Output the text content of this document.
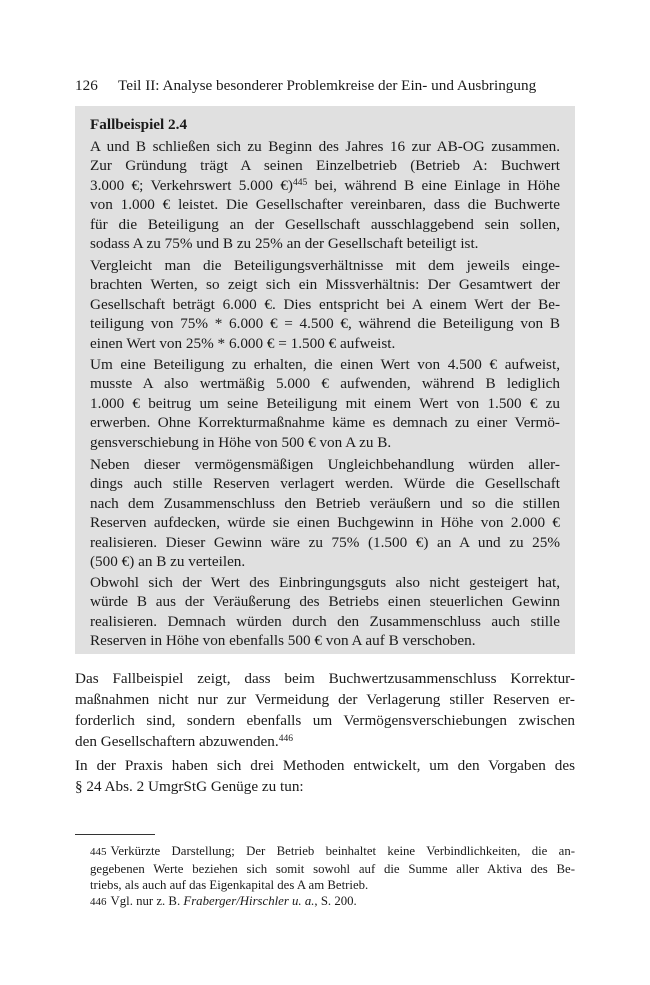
126 Teil II: Analyse besonderer Problemkreise der Ein- und Ausbringung
Fallbeispiel 2.4

A und B schließen sich zu Beginn des Jahres 16 zur AB-OG zusammen.
Zur Gründung trägt A seinen Einzelbetrieb (Betrieb A: Buchwert
3.000 €; Verkehrswert 5.000 €)$^{445}$ bei, während B eine Einlage in Höhe
von 1.000 € leistet. Die Gesellschafter vereinbaren, dass die Buchwerte
für die Beteiligung an der Gesellschaft ausschlaggebend sein sollen,
sodass A zu 75% und B zu 25% an der Gesellschaft beteiligt ist.

Vergleicht man die Beteiligungsverhältnisse mit dem jeweils einge-
brachten Werten, so zeigt sich ein Missverhältnis: Der Gesamtwert der
Gesellschaft beträgt 6.000 €. Dies entspricht bei A einem Wert der Be-
teiligung von 75% * 6.000 € = 4.500 €, während die Beteiligung von B
einen Wert von 25% * 6.000 € = 1.500 € aufweist.

Um eine Beteiligung zu erhalten, die einen Wert von 4.500 € aufweist,
musste A also wertmäßig 5.000 € aufwenden, während B lediglich
1.000 € beitrug um seine Beteiligung mit einem Wert von 1.500 € zu
erwerben. Ohne Korrekturmaßnahme käme es demnach zu einer Vermö-
gensverschiebung in Höhe von 500 € von A zu B.

Neben dieser vermögensmäßigen Ungleichbehandlung würden aller-
dings auch stille Reserven verlagert werden. Würde die Gesellschaft
nach dem Zusammenschluss den Betrieb veräußern und so die stillen
Reserven aufdecken, würde sie einen Buchgewinn in Höhe von 2.000 €
realisieren. Dieser Gewinn wäre zu 75% (1.500 €) an A und zu 25%
(500 €) an B zu verteilen.

Obwohl sich der Wert des Einbringungsguts also nicht gesteigert hat,
würde B aus der Veräußerung des Betriebs einen steuerlichen Gewinn
realisieren. Demnach würden durch den Zusammenschluss auch stille
Reserven in Höhe von ebenfalls 500 € von A auf B verschoben.

Das Fallbeispiel zeigt, dass beim Buchwertzusammenschluss Korrektur-
maßnahmen nicht nur zur Vermeidung der Verlagerung stiller Reserven er-
forderlich sind, sondern ebenfalls um Vermögensverschiebungen zwischen
den Gesellschaftern abzuwenden.$^{446}$

In der Praxis haben sich drei Methoden entwickelt, um den Vorgaben des
§ 24 Abs. 2 UmgrStG Genüge zu tun:

445 Verkürzte Darstellung; Der Betrieb beinhaltet keine Verbindlichkeiten, die an-
gegebenen Werte beziehen sich somit sowohl auf die Summe aller Aktiva des Be-
triebs, als auch auf das Eigenkapital des A am Betrieb.

446 Vgl. nur z. B. Fraberger/Hirschler u. a., S. 200.
